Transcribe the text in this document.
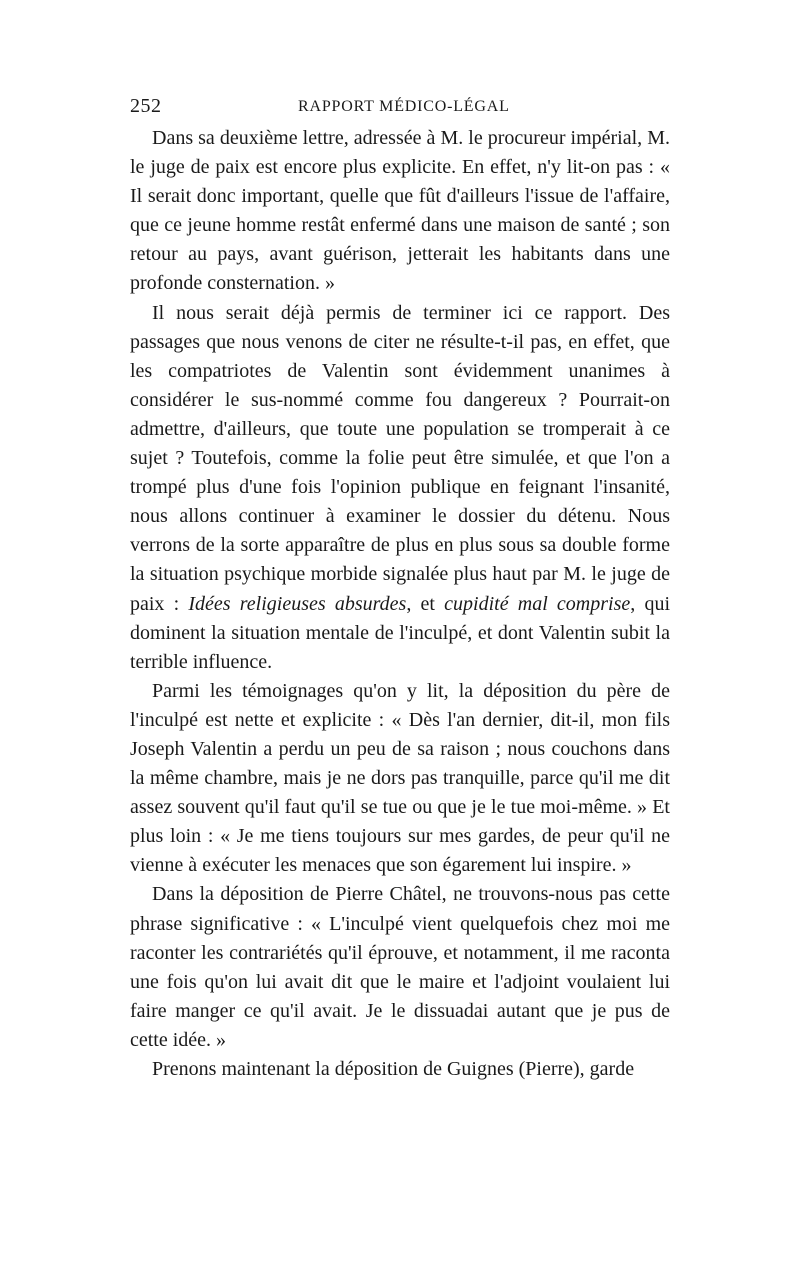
252	RAPPORT MÉDICO-LÉGAL

Dans sa deuxième lettre, adressée à M. le procureur impérial, M. le juge de paix est encore plus explicite. En effet, n'y lit-on pas : « Il serait donc important, quelle que fût d'ailleurs l'issue de l'affaire, que ce jeune homme restât enfermé dans une maison de santé ; son retour au pays, avant guérison, jetterait les habitants dans une profonde consternation. »

Il nous serait déjà permis de terminer ici ce rapport. Des passages que nous venons de citer ne résulte-t-il pas, en effet, que les compatriotes de Valentin sont évidemment unanimes à considérer le sus-nommé comme fou dangereux ? Pourrait-on admettre, d'ailleurs, que toute une population se tromperait à ce sujet ? Toutefois, comme la folie peut être simulée, et que l'on a trompé plus d'une fois l'opinion publique en feignant l'insanité, nous allons continuer à examiner le dossier du détenu. Nous verrons de la sorte apparaître de plus en plus sous sa double forme la situation psychique morbide signalée plus haut par M. le juge de paix : Idées religieuses absurdes, et cupidité mal comprise, qui dominent la situation mentale de l'inculpé, et dont Valentin subit la terrible influence.

Parmi les témoignages qu'on y lit, la déposition du père de l'inculpé est nette et explicite : « Dès l'an dernier, dit-il, mon fils Joseph Valentin a perdu un peu de sa raison ; nous couchons dans la même chambre, mais je ne dors pas tranquille, parce qu'il me dit assez souvent qu'il faut qu'il se tue ou que je le tue moi-même. » Et plus loin : « Je me tiens toujours sur mes gardes, de peur qu'il ne vienne à exécuter les menaces que son égarement lui inspire. »

Dans la déposition de Pierre Châtel, ne trouvons-nous pas cette phrase significative : « L'inculpé vient quelquefois chez moi me raconter les contrariétés qu'il éprouve, et notamment, il me raconta une fois qu'on lui avait dit que le maire et l'adjoint voulaient lui faire manger ce qu'il avait. Je le dissuadai autant que je pus de cette idée. »

Prenons maintenant la déposition de Guignes (Pierre), garde
